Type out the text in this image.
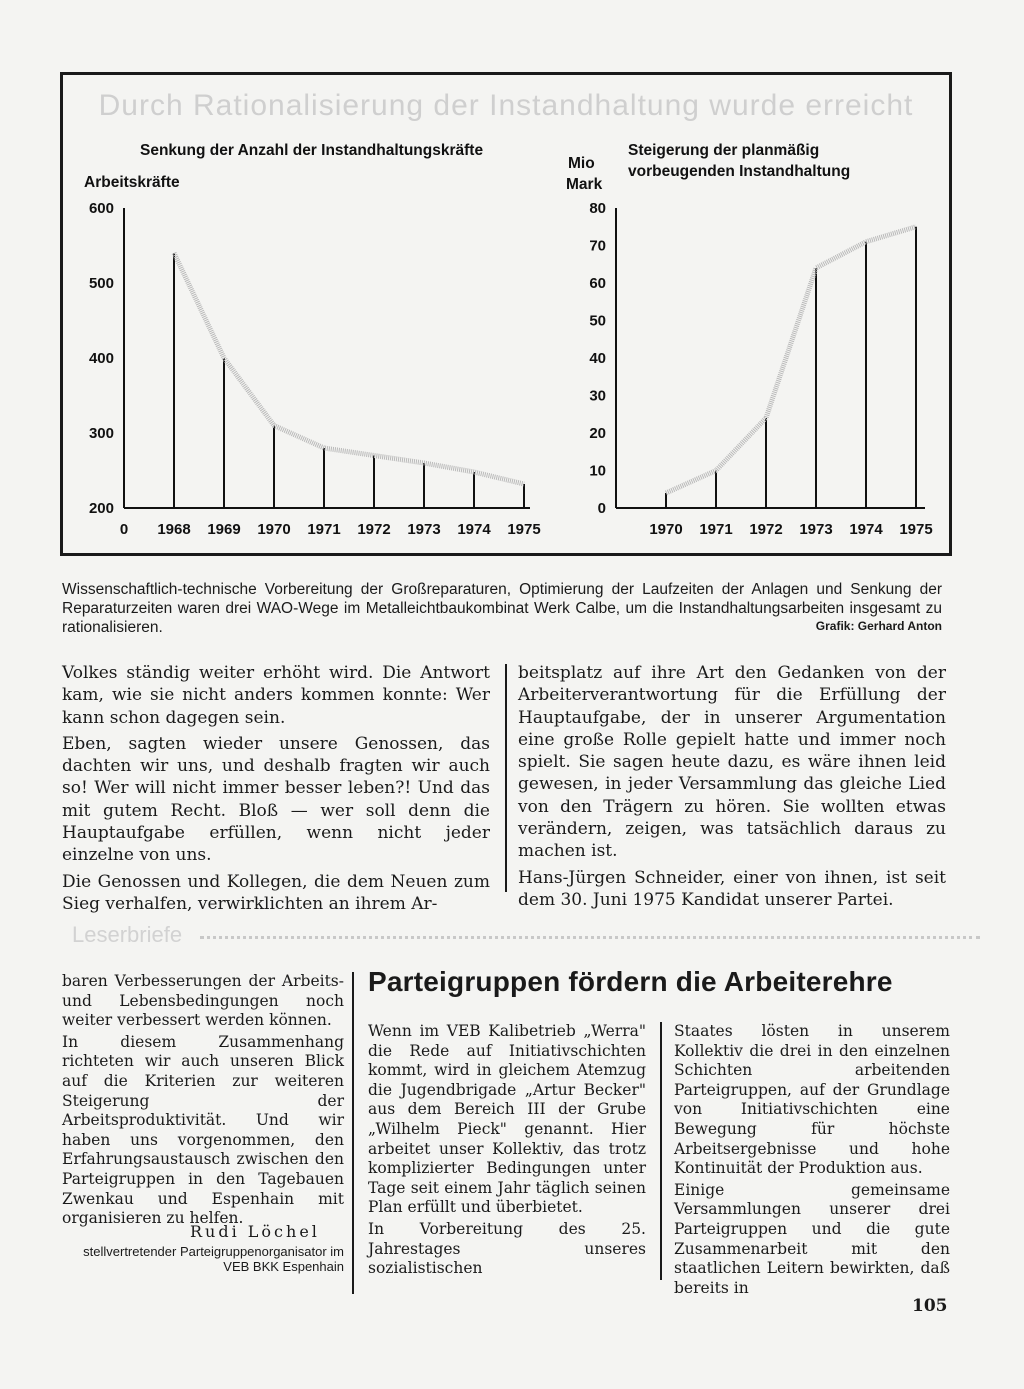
Durch Rationalisierung der Instandhaltung wurde erreicht
Senkung der Anzahl der Instandhaltungskräfte
Arbeitskräfte
Steigerung der planmäßig
vorbeugenden Instandhaltung
Mio
Mark
600
500
400
300
200
0 1968 1969 1970 1971 1972 1973 1974 1975
80
70
60
50
40
30
20
10
0
1970 1971 1972 1973 1974 1975
Wissenschaftlich-technische Vorbereitung der Großreparaturen, Optimierung der Laufzeiten der Anlagen und Senkung der Reparaturzeiten waren drei WAO-Wege im Metalleichtbaukombinat Werk Calbe, um die Instandhaltungsarbeiten insgesamt zu rationalisieren.	Grafik: Gerhard Anton

Volkes ständig weiter erhöht wird. Die Antwort kam, wie sie nicht anders kommen konnte: Wer kann schon dagegen sein.

Eben, sagten wieder unsere Genossen, das dachten wir uns, und deshalb fragten wir auch so! Wer will nicht immer besser leben?! Und das mit gutem Recht. Bloß — wer soll denn die Hauptaufgabe erfüllen, wenn nicht jeder einzelne von uns.

Die Genossen und Kollegen, die dem Neuen zum Sieg verhalfen, verwirklichten an ihrem Ar-

beitsplatz auf ihre Art den Gedanken von der Arbeiterverantwortung für die Erfüllung der Hauptaufgabe, der in unserer Argumentation eine große Rolle gepielt hatte und immer noch spielt. Sie sagen heute dazu, es wäre ihnen leid gewesen, in jeder Versammlung das gleiche Lied von den Trägern zu hören. Sie wollten etwas verändern, zeigen, was tatsächlich daraus zu machen ist.

Hans-Jürgen Schneider, einer von ihnen, ist seit dem 30. Juni 1975 Kandidat unserer Partei.

Leserbriefe

baren Verbesserungen der Arbeits- und Lebensbedingungen noch weiter verbessert werden können.

In diesem Zusammenhang richteten wir auch unseren Blick auf die Kriterien zur weiteren Steigerung der Arbeitsproduktivität. Und wir haben uns vorgenommen, den Erfahrungsaustausch zwischen den Parteigruppen in den Tagebauen Zwenkau und Espenhain mit organisieren zu helfen.

Rudi Löchel
stellvertretender Parteigruppenorganisator im VEB BKK Espenhain
Parteigruppen fördern die Arbeiterehre

Wenn im VEB Kalibetrieb „Werra" die Rede auf Initiativschichten kommt, wird in gleichem Atemzug die Jugendbrigade „Artur Becker" aus dem Bereich III der Grube „Wilhelm Pieck" genannt. Hier arbeitet unser Kollektiv, das trotz komplizierter Bedingungen unter Tage seit einem Jahr täglich seinen Plan erfüllt und überbietet.

In Vorbereitung des 25. Jahrestages unseres sozialistischen

Staates lösten in unserem Kollektiv die drei in den einzelnen Schichten arbeitenden Parteigruppen, auf der Grundlage von Initiativschichten eine Bewegung für höchste Arbeitsergebnisse und hohe Kontinuität der Produktion aus.

Einige gemeinsame Versammlungen unserer drei Parteigruppen und die gute Zusammenarbeit mit den staatlichen Leitern bewirkten, daß bereits in

105
